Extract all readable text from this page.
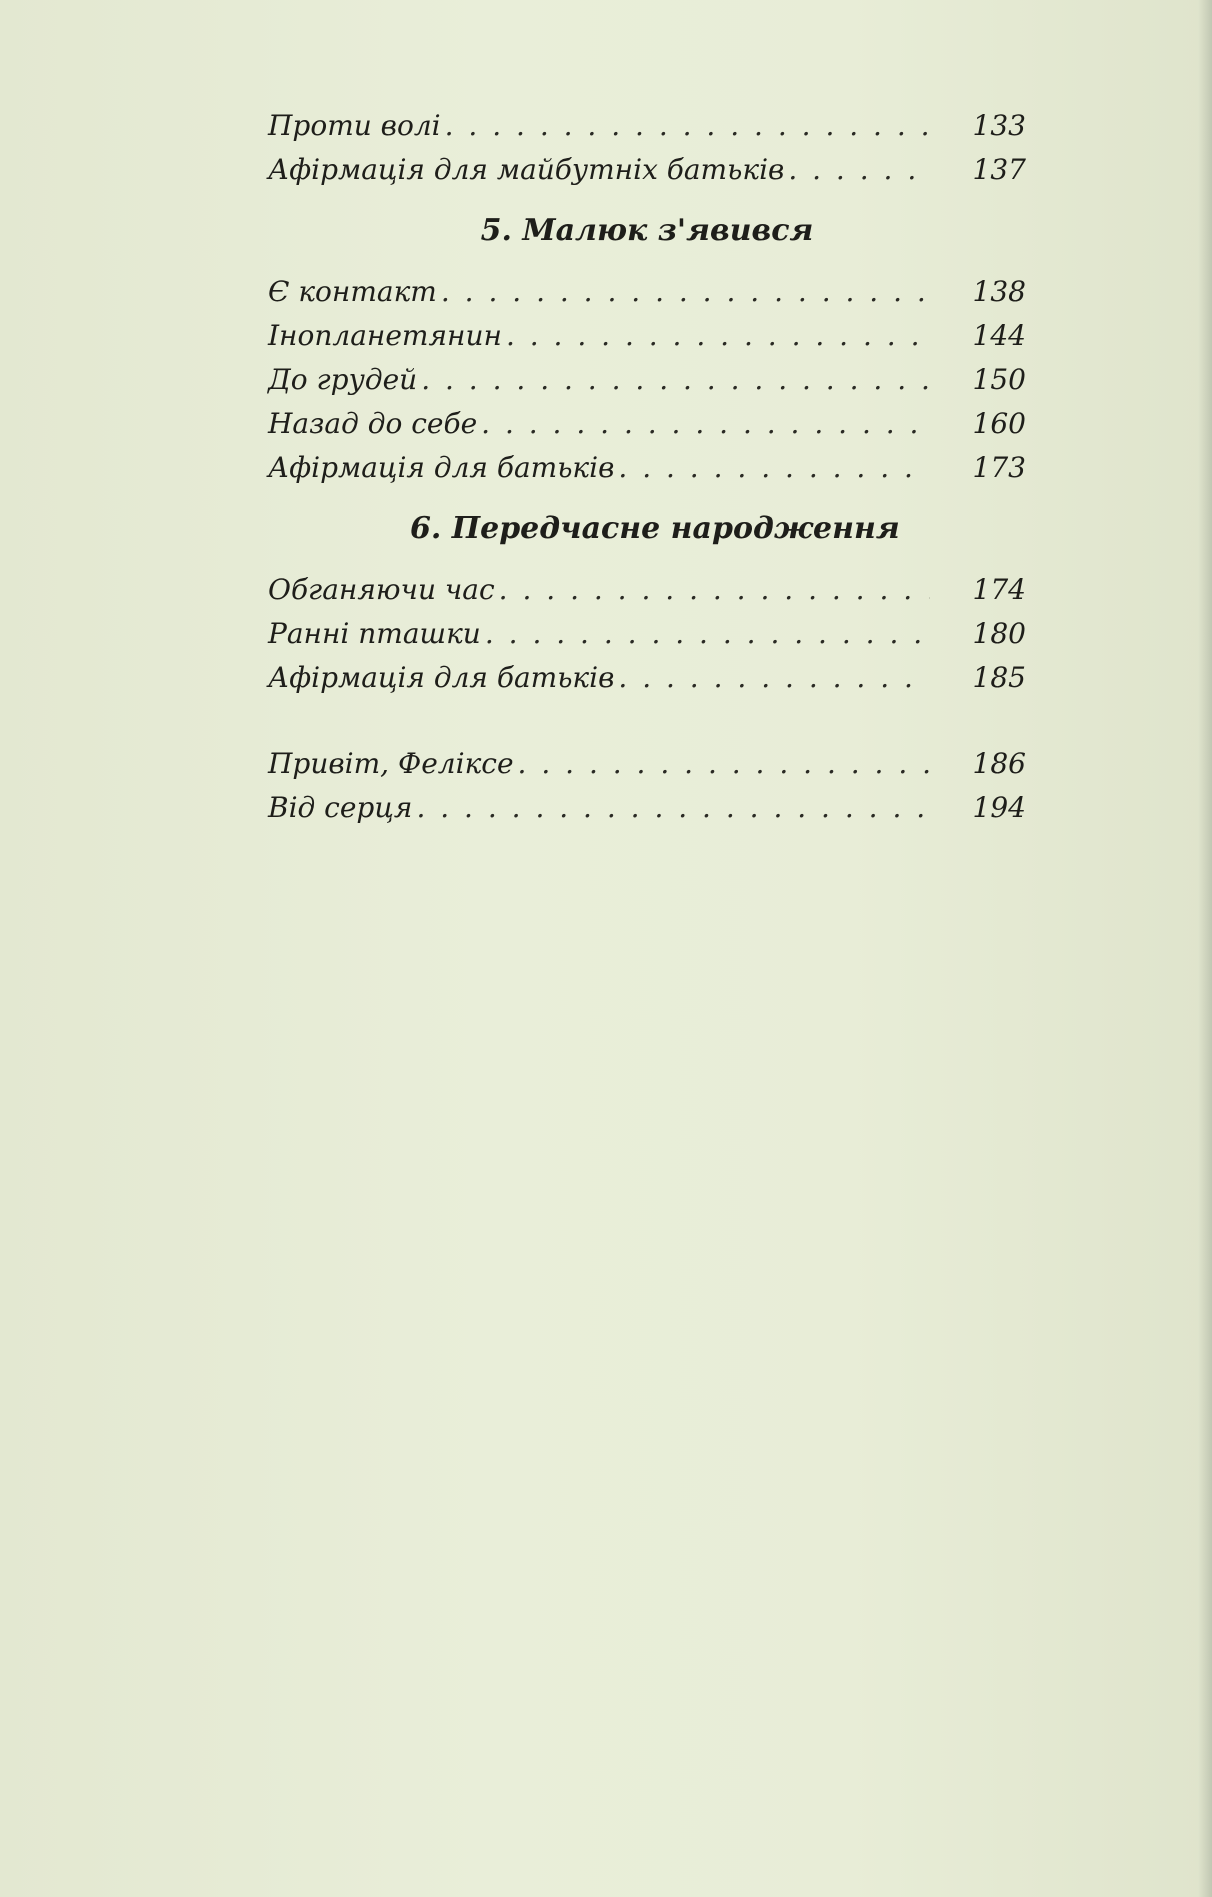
Проти волі . . .	133
Афірмація для майбутніх батьків . . .	137
5. Малюк з'явився
Є контакт . . .	138
Інопланетянин . . .	144
До грудей . . .	150
Назад до себе . . .	160
Афірмація для батьків . . .	173
6. Передчасне народження
Обганяючи час . . .	174
Ранні пташки . . .	180
Афірмація для батьків . . .	185
Привіт, Феліксе . . .	186
Від серця . . .	194
